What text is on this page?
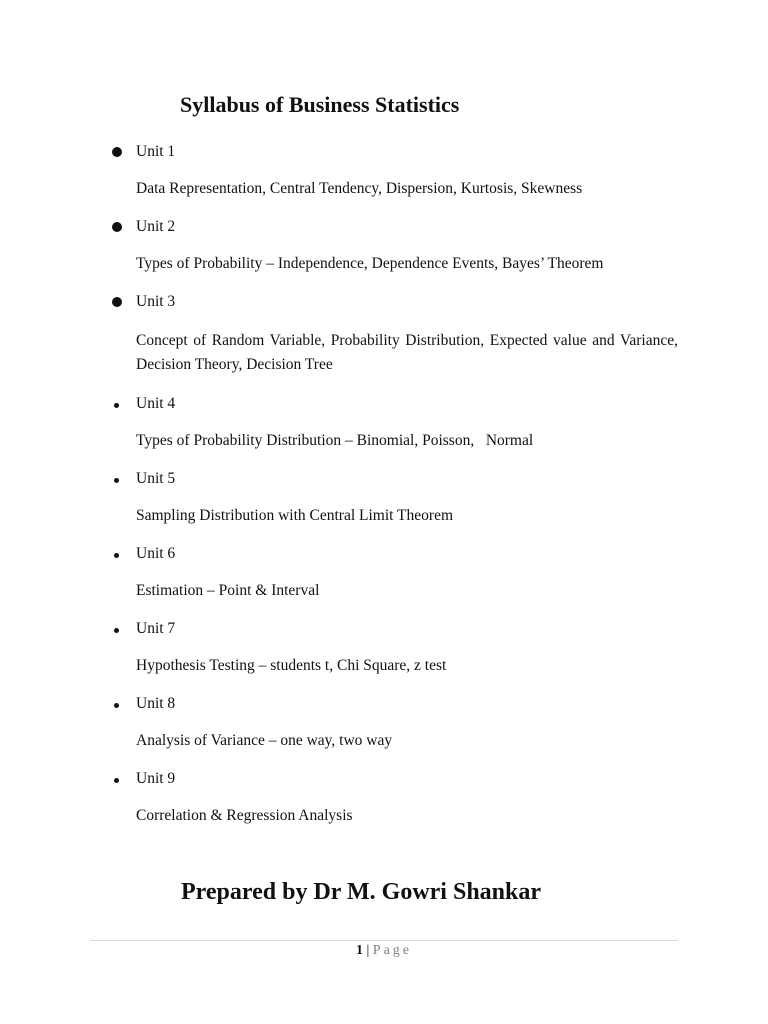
Syllabus of Business Statistics
Unit 1
Data Representation, Central Tendency, Dispersion, Kurtosis, Skewness
Unit 2
Types of Probability – Independence, Dependence Events, Bayes’ Theorem
Unit 3
Concept of Random Variable, Probability Distribution, Expected value and Variance, Decision Theory, Decision Tree
Unit 4
Types of Probability Distribution – Binomial, Poisson,   Normal
Unit 5
Sampling Distribution with Central Limit Theorem
Unit 6
Estimation – Point & Interval
Unit 7
Hypothesis Testing – students t, Chi Square, z test
Unit 8
Analysis of Variance – one way, two way
Unit 9
Correlation & Regression Analysis
Prepared by Dr M. Gowri Shankar
1 | Page
